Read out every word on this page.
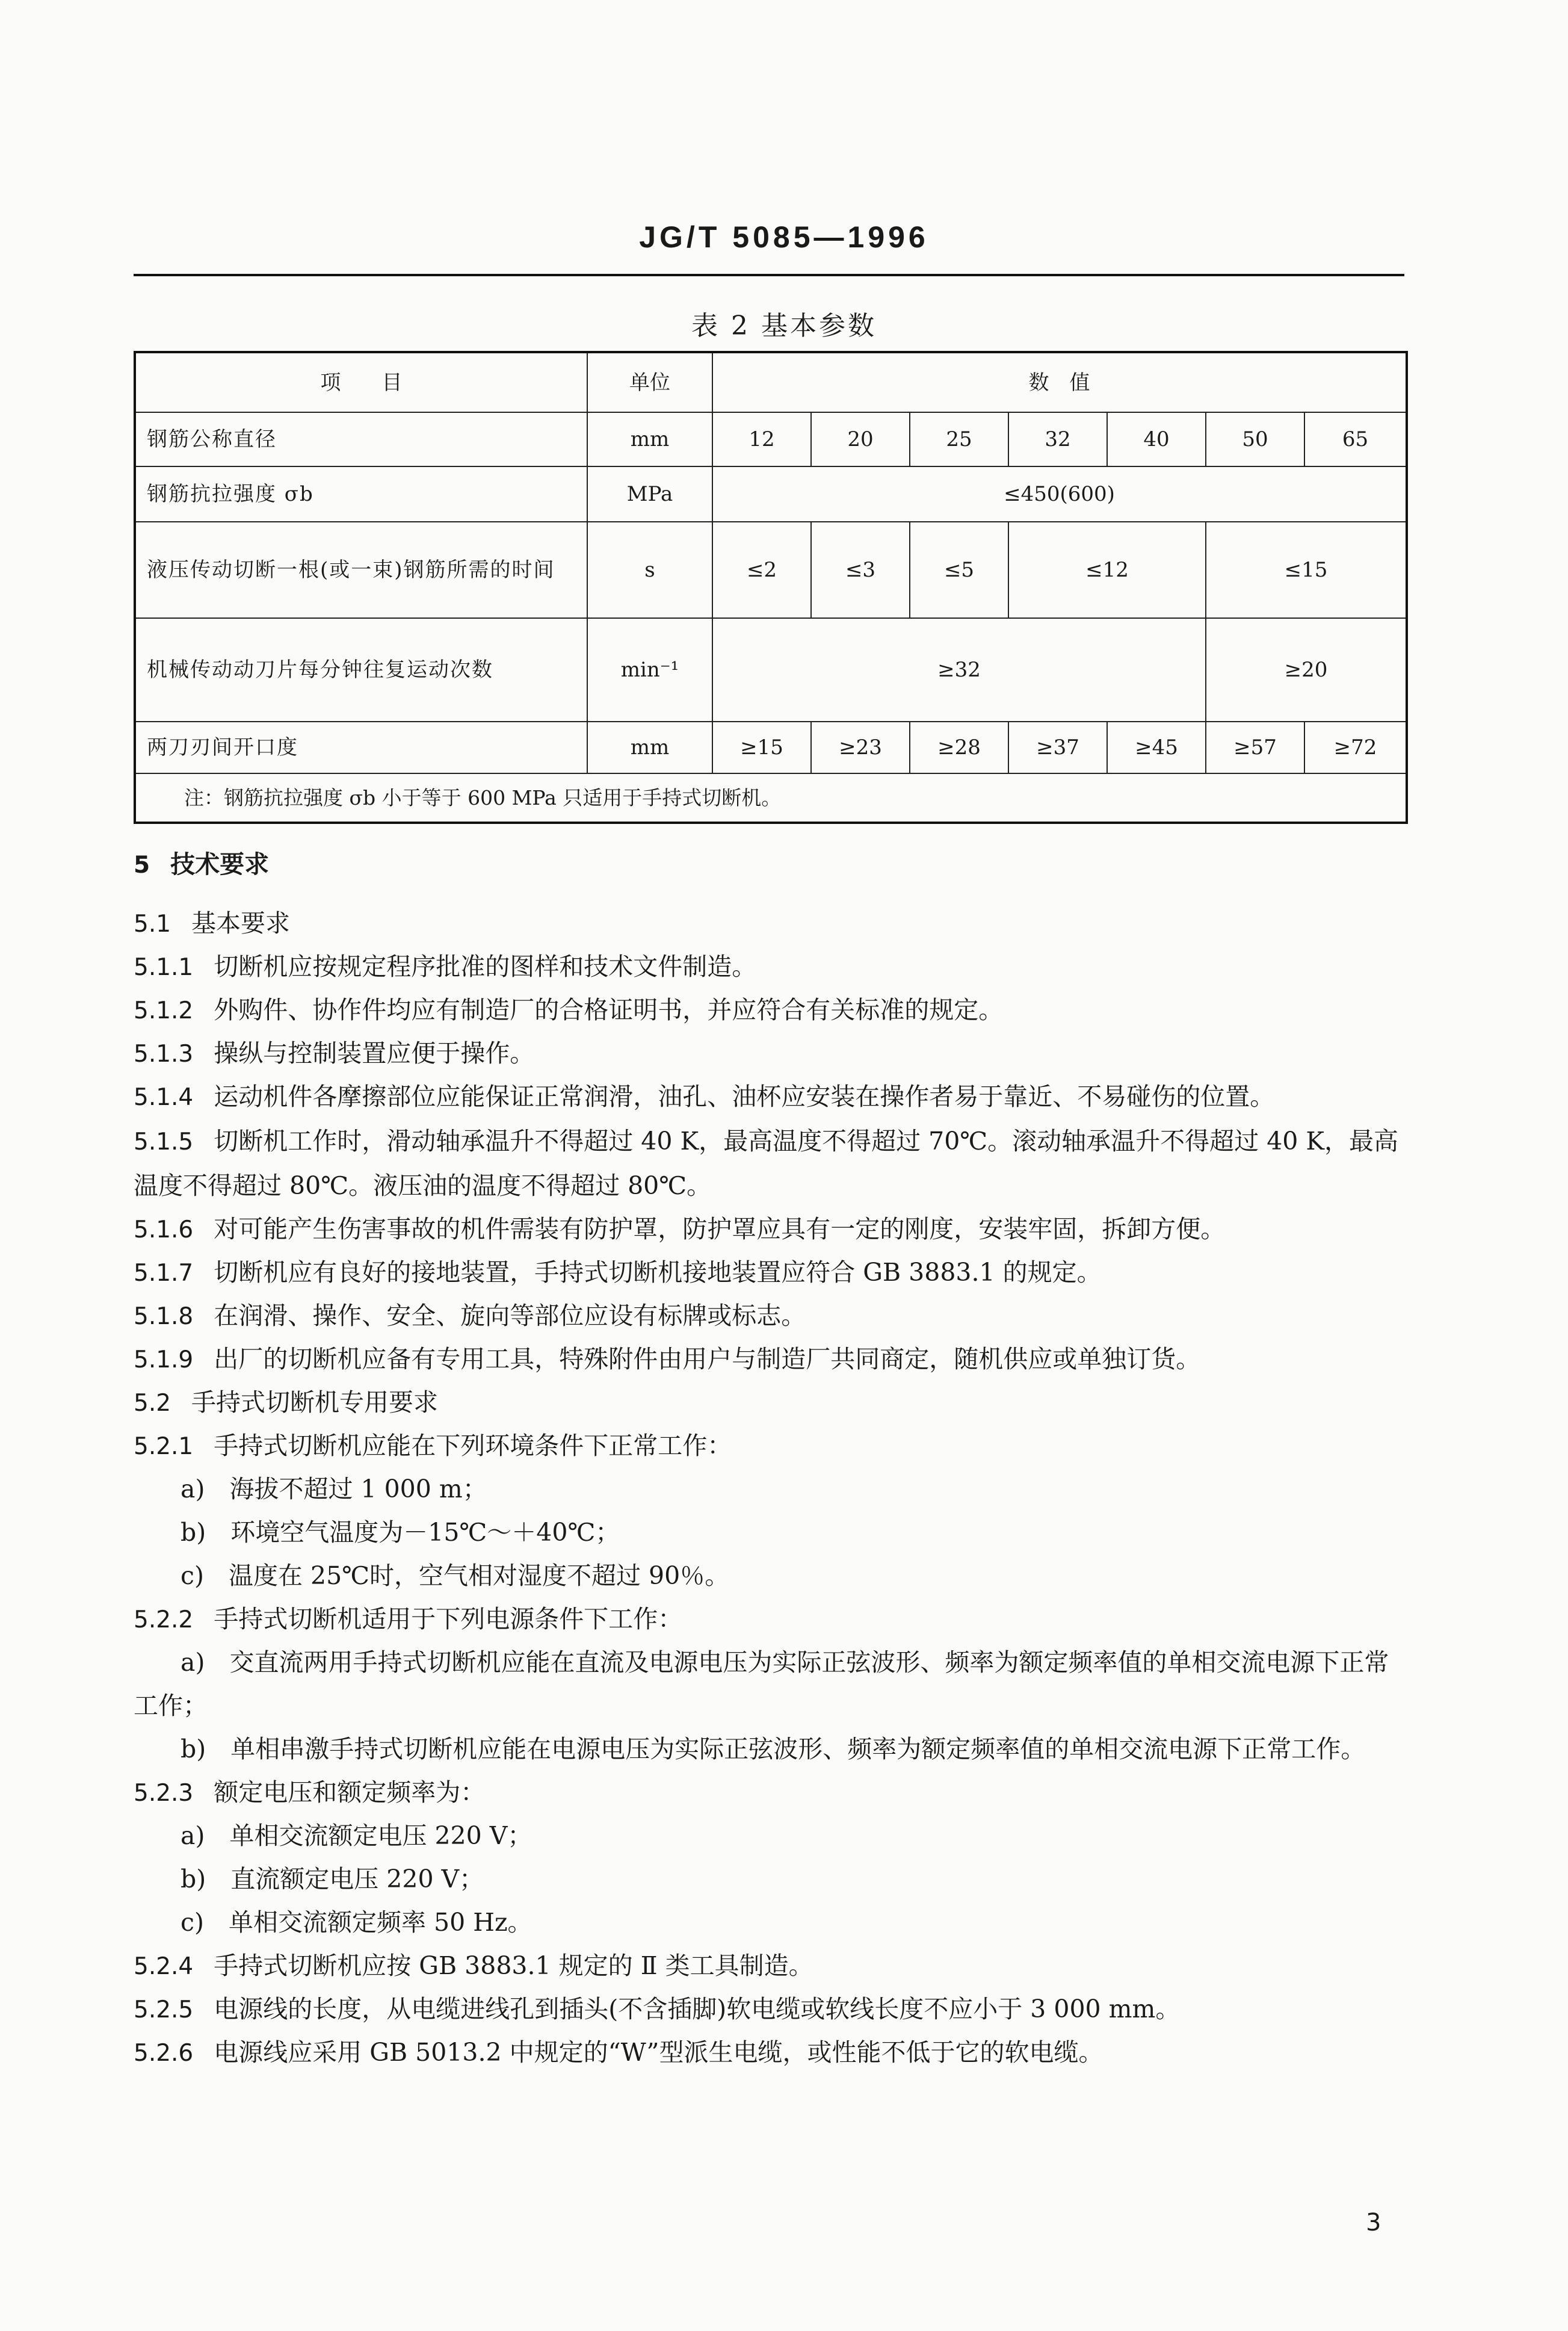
JG/T 5085—1996
表 2 基本参数
项　　目	单位	数　值						
钢筋公称直径	mm	12	20	25	32	40	50	65
钢筋抗拉强度 σb	MPa	≤450(600)						
液压传动切断一根(或一束)钢筋所需的时间	s	≤2	≤3	≤5	≤12		≤15	
机械传动动刀片每分钟往复运动次数	min⁻¹	≥32					≥20	
两刀刃间开口度	mm	≥15	≥23	≥28	≥37	≥45	≥57	≥72
注：钢筋抗拉强度 σb 小于等于 600 MPa 只适用于手持式切断机。								
5 技术要求
5.1 基本要求
5.1.1 切断机应按规定程序批准的图样和技术文件制造。
5.1.2 外购件、协作件均应有制造厂的合格证明书，并应符合有关标准的规定。
5.1.3 操纵与控制装置应便于操作。
5.1.4 运动机件各摩擦部位应能保证正常润滑，油孔、油杯应安装在操作者易于靠近、不易碰伤的位置。
5.1.5 切断机工作时，滑动轴承温升不得超过 40 K，最高温度不得超过 70℃。滚动轴承温升不得超过 40 K，最高温度不得超过 80℃。液压油的温度不得超过 80℃。
5.1.6 对可能产生伤害事故的机件需装有防护罩，防护罩应具有一定的刚度，安装牢固，拆卸方便。
5.1.7 切断机应有良好的接地装置，手持式切断机接地装置应符合 GB 3883.1 的规定。
5.1.8 在润滑、操作、安全、旋向等部位应设有标牌或标志。
5.1.9 出厂的切断机应备有专用工具，特殊附件由用户与制造厂共同商定，随机供应或单独订货。
5.2 手持式切断机专用要求
5.2.1 手持式切断机应能在下列环境条件下正常工作：
a)　海拔不超过 1 000 m；
b)　环境空气温度为－15℃～＋40℃；
c)　温度在 25℃时，空气相对湿度不超过 90％。
5.2.2 手持式切断机适用于下列电源条件下工作：
a)　交直流两用手持式切断机应能在直流及电源电压为实际正弦波形、频率为额定频率值的单相交流电源下正常工作；
b)　单相串激手持式切断机应能在电源电压为实际正弦波形、频率为额定频率值的单相交流电源下正常工作。
5.2.3 额定电压和额定频率为：
a)　单相交流额定电压 220 V；
b)　直流额定电压 220 V；
c)　单相交流额定频率 50 Hz。
5.2.4 手持式切断机应按 GB 3883.1 规定的 Ⅱ 类工具制造。
5.2.5 电源线的长度，从电缆进线孔到插头(不含插脚)软电缆或软线长度不应小于 3 000 mm。
5.2.6 电源线应采用 GB 5013.2 中规定的“W”型派生电缆，或性能不低于它的软电缆。
3
